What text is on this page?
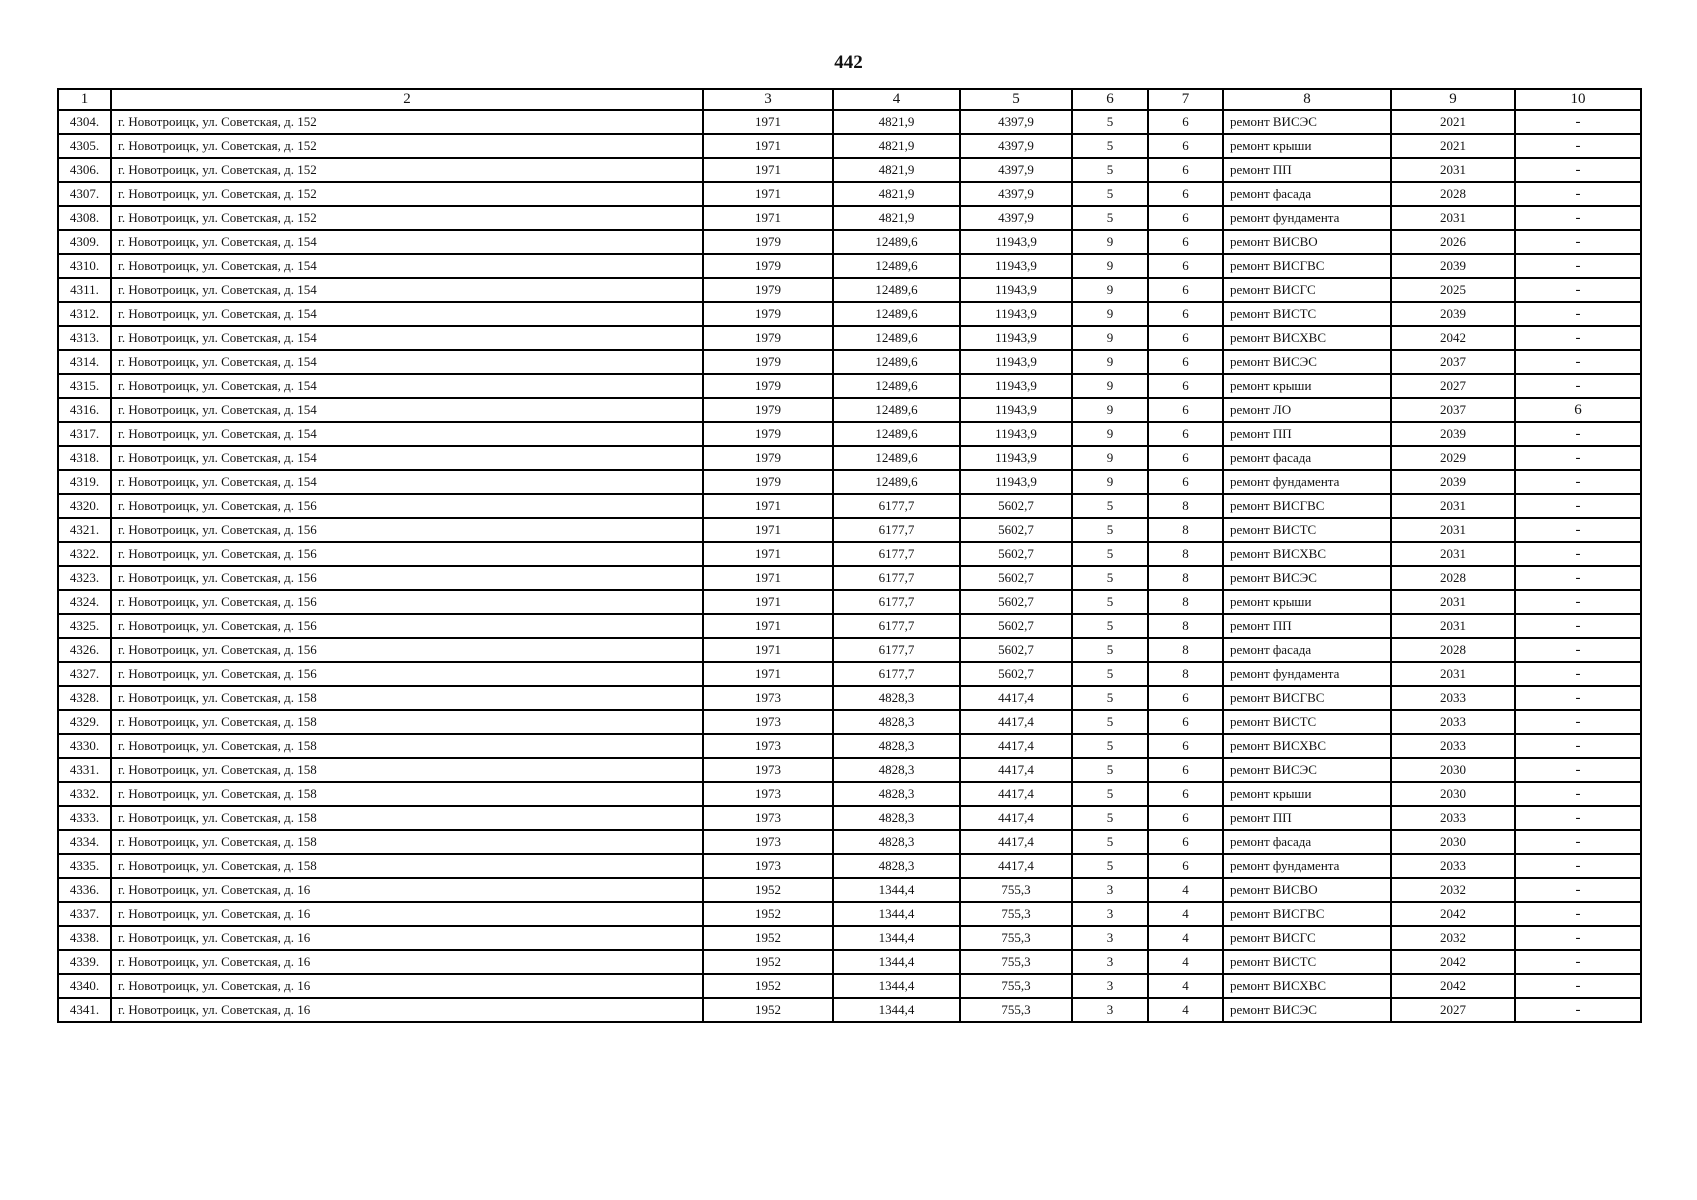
442
1	2	3	4	5	6	7	8	9	10
4304.	г. Новотроицк, ул. Советская, д. 152	1971	4821,9	4397,9	5	6	ремонт ВИСЭС	2021	-
4305.	г. Новотроицк, ул. Советская, д. 152	1971	4821,9	4397,9	5	6	ремонт крыши	2021	-
4306.	г. Новотроицк, ул. Советская, д. 152	1971	4821,9	4397,9	5	6	ремонт ПП	2031	-
4307.	г. Новотроицк, ул. Советская, д. 152	1971	4821,9	4397,9	5	6	ремонт фасада	2028	-
4308.	г. Новотроицк, ул. Советская, д. 152	1971	4821,9	4397,9	5	6	ремонт фундамента	2031	-
4309.	г. Новотроицк, ул. Советская, д. 154	1979	12489,6	11943,9	9	6	ремонт ВИСВО	2026	-
4310.	г. Новотроицк, ул. Советская, д. 154	1979	12489,6	11943,9	9	6	ремонт ВИСГВС	2039	-
4311.	г. Новотроицк, ул. Советская, д. 154	1979	12489,6	11943,9	9	6	ремонт ВИСГС	2025	-
4312.	г. Новотроицк, ул. Советская, д. 154	1979	12489,6	11943,9	9	6	ремонт ВИСТС	2039	-
4313.	г. Новотроицк, ул. Советская, д. 154	1979	12489,6	11943,9	9	6	ремонт ВИСХВС	2042	-
4314.	г. Новотроицк, ул. Советская, д. 154	1979	12489,6	11943,9	9	6	ремонт ВИСЭС	2037	-
4315.	г. Новотроицк, ул. Советская, д. 154	1979	12489,6	11943,9	9	6	ремонт крыши	2027	-
4316.	г. Новотроицк, ул. Советская, д. 154	1979	12489,6	11943,9	9	6	ремонт ЛО	2037	6
4317.	г. Новотроицк, ул. Советская, д. 154	1979	12489,6	11943,9	9	6	ремонт ПП	2039	-
4318.	г. Новотроицк, ул. Советская, д. 154	1979	12489,6	11943,9	9	6	ремонт фасада	2029	-
4319.	г. Новотроицк, ул. Советская, д. 154	1979	12489,6	11943,9	9	6	ремонт фундамента	2039	-
4320.	г. Новотроицк, ул. Советская, д. 156	1971	6177,7	5602,7	5	8	ремонт ВИСГВС	2031	-
4321.	г. Новотроицк, ул. Советская, д. 156	1971	6177,7	5602,7	5	8	ремонт ВИСТС	2031	-
4322.	г. Новотроицк, ул. Советская, д. 156	1971	6177,7	5602,7	5	8	ремонт ВИСХВС	2031	-
4323.	г. Новотроицк, ул. Советская, д. 156	1971	6177,7	5602,7	5	8	ремонт ВИСЭС	2028	-
4324.	г. Новотроицк, ул. Советская, д. 156	1971	6177,7	5602,7	5	8	ремонт крыши	2031	-
4325.	г. Новотроицк, ул. Советская, д. 156	1971	6177,7	5602,7	5	8	ремонт ПП	2031	-
4326.	г. Новотроицк, ул. Советская, д. 156	1971	6177,7	5602,7	5	8	ремонт фасада	2028	-
4327.	г. Новотроицк, ул. Советская, д. 156	1971	6177,7	5602,7	5	8	ремонт фундамента	2031	-
4328.	г. Новотроицк, ул. Советская, д. 158	1973	4828,3	4417,4	5	6	ремонт ВИСГВС	2033	-
4329.	г. Новотроицк, ул. Советская, д. 158	1973	4828,3	4417,4	5	6	ремонт ВИСТС	2033	-
4330.	г. Новотроицк, ул. Советская, д. 158	1973	4828,3	4417,4	5	6	ремонт ВИСХВС	2033	-
4331.	г. Новотроицк, ул. Советская, д. 158	1973	4828,3	4417,4	5	6	ремонт ВИСЭС	2030	-
4332.	г. Новотроицк, ул. Советская, д. 158	1973	4828,3	4417,4	5	6	ремонт крыши	2030	-
4333.	г. Новотроицк, ул. Советская, д. 158	1973	4828,3	4417,4	5	6	ремонт ПП	2033	-
4334.	г. Новотроицк, ул. Советская, д. 158	1973	4828,3	4417,4	5	6	ремонт фасада	2030	-
4335.	г. Новотроицк, ул. Советская, д. 158	1973	4828,3	4417,4	5	6	ремонт фундамента	2033	-
4336.	г. Новотроицк, ул. Советская, д. 16	1952	1344,4	755,3	3	4	ремонт ВИСВО	2032	-
4337.	г. Новотроицк, ул. Советская, д. 16	1952	1344,4	755,3	3	4	ремонт ВИСГВС	2042	-
4338.	г. Новотроицк, ул. Советская, д. 16	1952	1344,4	755,3	3	4	ремонт ВИСГС	2032	-
4339.	г. Новотроицк, ул. Советская, д. 16	1952	1344,4	755,3	3	4	ремонт ВИСТС	2042	-
4340.	г. Новотроицк, ул. Советская, д. 16	1952	1344,4	755,3	3	4	ремонт ВИСХВС	2042	-
4341.	г. Новотроицк, ул. Советская, д. 16	1952	1344,4	755,3	3	4	ремонт ВИСЭС	2027	-
